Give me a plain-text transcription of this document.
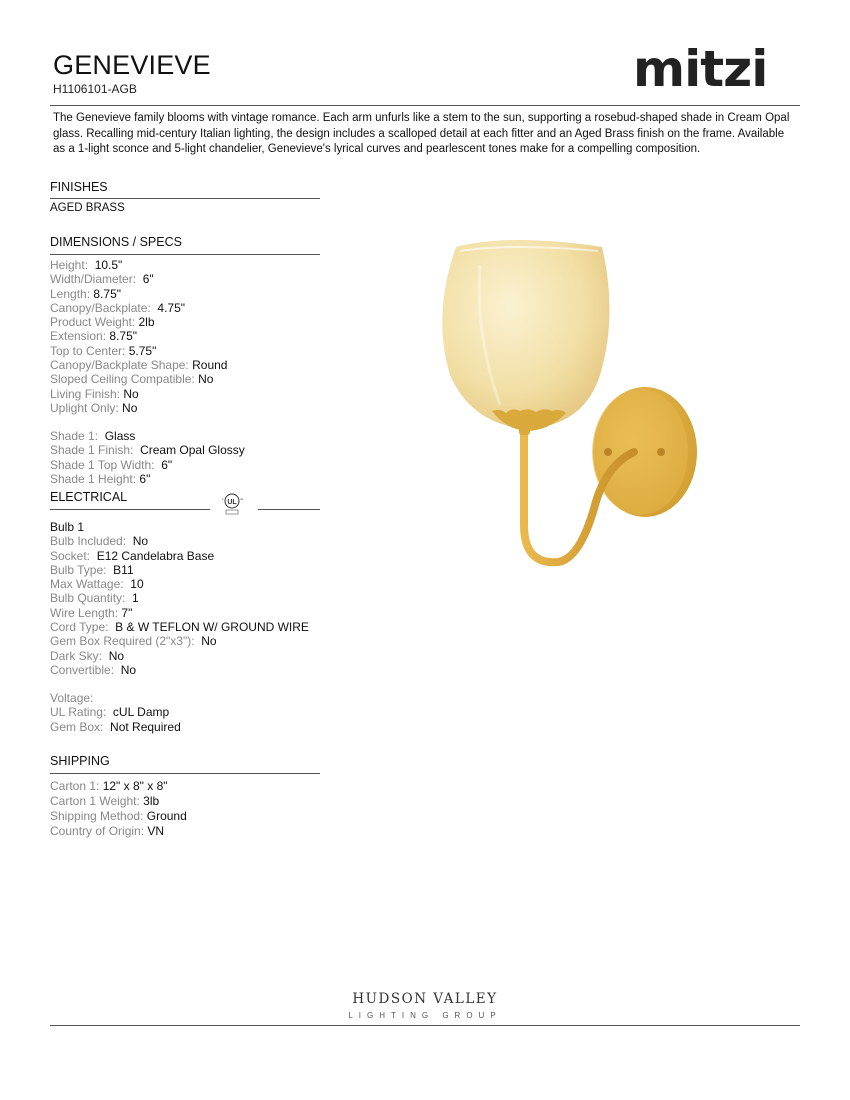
GENEVIEVE
H1106101-AGB	mitzi
The Genevieve family blooms with vintage romance. Each arm unfurls like a stem to the sun, supporting a rosebud-shaped shade in Cream Opal glass. Recalling mid-century Italian lighting, the design includes a scalloped detail at each fitter and an Aged Brass finish on the frame. Available as a 1-light sconce and 5-light chandelier, Genevieve's lyrical curves and pearlescent tones make for a compelling composition.
FINISHES
AGED BRASS
DIMENSIONS / SPECS
Height: 10.5"
Width/Diameter: 6"
Length: 8.75"
Canopy/Backplate: 4.75"
Product Weight: 2lb
Extension: 8.75"
Top to Center: 5.75"
Canopy/Backplate Shape: Round
Sloped Ceiling Compatible: No
Living Finish: No
Uplight Only: No
Shade 1: Glass
Shade 1 Finish: Cream Opal Glossy
Shade 1 Top Width: 6"
Shade 1 Height: 6"
ELECTRICAL	UL
c	us
Bulb 1
Bulb Included: No
Socket: E12 Candelabra Base
Bulb Type: B11
Max Wattage: 10
Bulb Quantity: 1
Wire Length: 7"
Cord Type: B & W TEFLON W/ GROUND WIRE
Gem Box Required (2"x3"): No
Dark Sky: No
Convertible: No
Voltage:
UL Rating: cUL Damp
Gem Box: Not Required
SHIPPING
Carton 1: 12" x 8" x 8"
Carton 1 Weight: 3lb
Shipping Method: Ground
Country of Origin: VN
HUDSON VALLEY
LIGHTING GROUP
